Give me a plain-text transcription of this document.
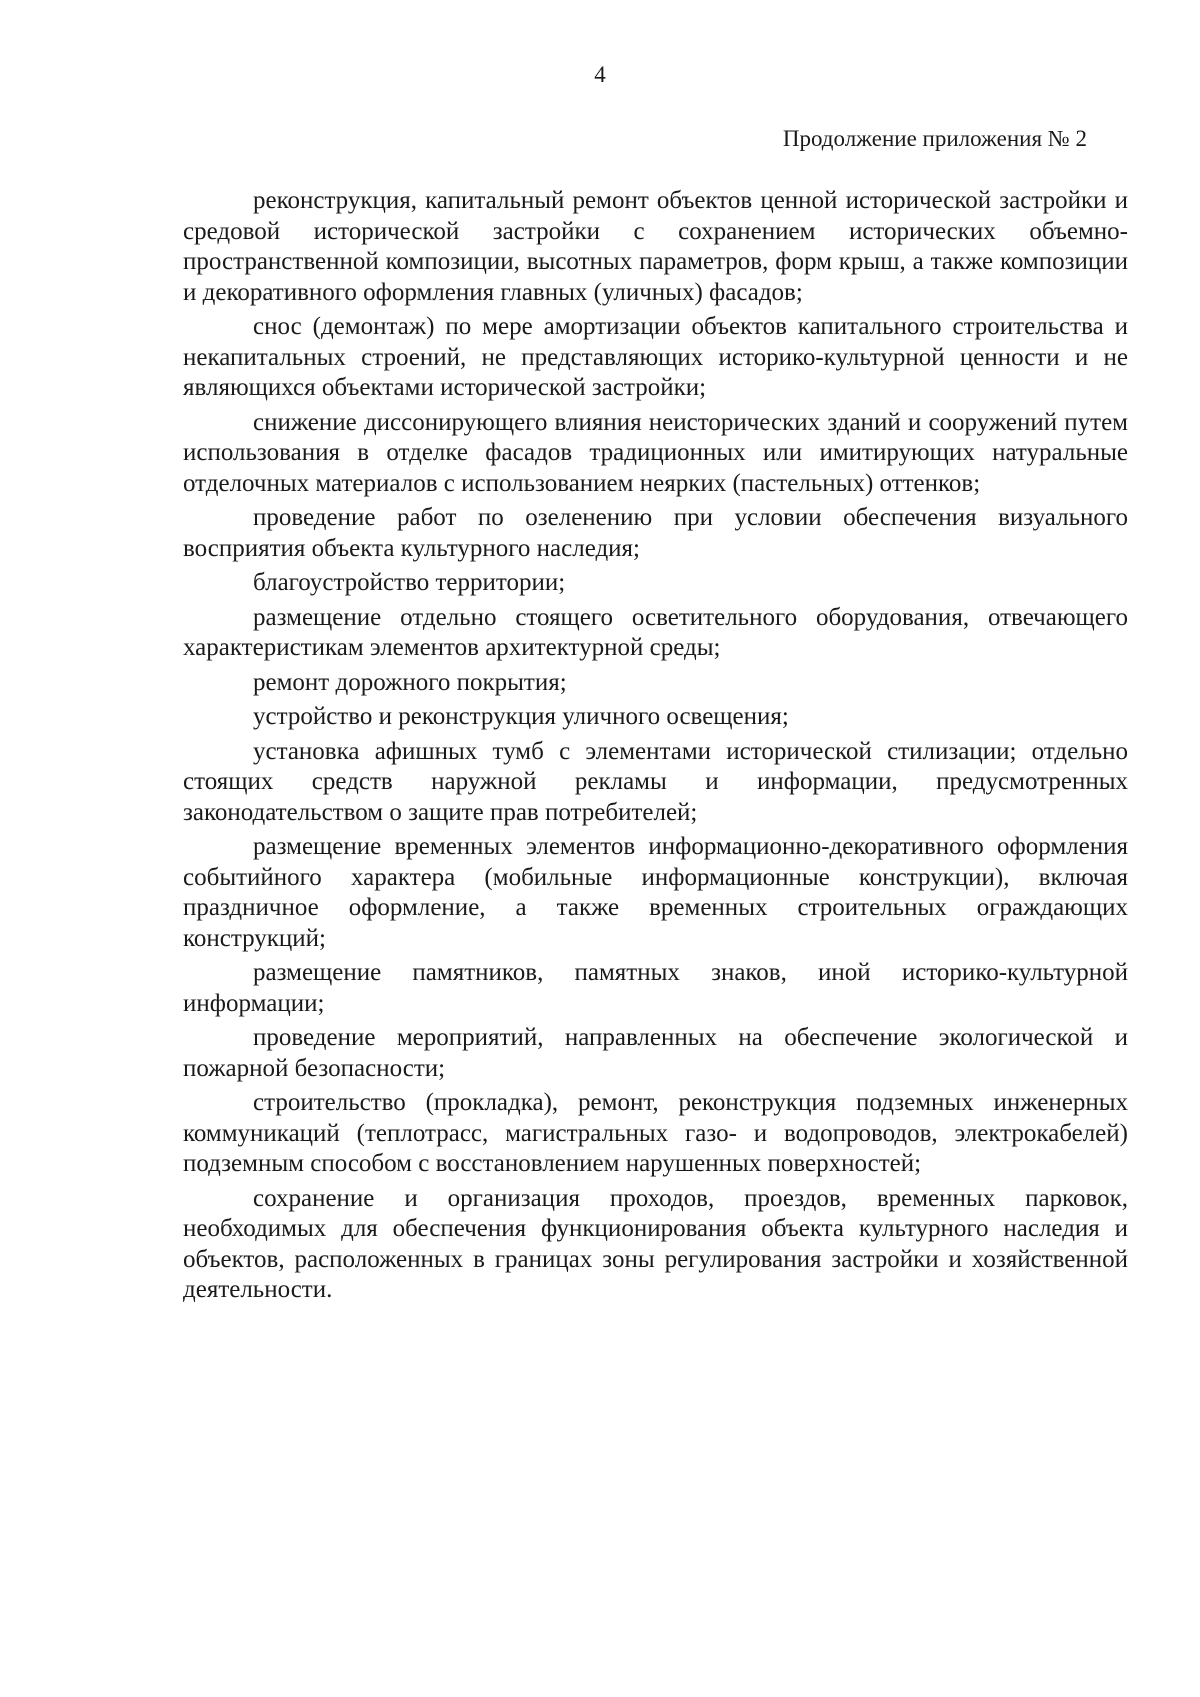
4
Продолжение приложения № 2

реконструкция, капитальный ремонт объектов ценной исторической застройки и средовой исторической застройки с сохранением исторических объемно-пространственной композиции, высотных параметров, форм крыш, а также композиции и декоративного оформления главных (уличных) фасадов;

снос (демонтаж) по мере амортизации объектов капитального строительства и некапитальных строений, не представляющих историко-культурной ценности и не являющихся объектами исторической застройки;

снижение диссонирующего влияния неисторических зданий и сооружений путем использования в отделке фасадов традиционных или имитирующих натуральные отделочных материалов с использованием неярких (пастельных) оттенков;

проведение работ по озеленению при условии обеспечения визуального восприятия объекта культурного наследия;

благоустройство территории;

размещение отдельно стоящего осветительного оборудования, отвечающего характеристикам элементов архитектурной среды;

ремонт дорожного покрытия;

устройство и реконструкция уличного освещения;

установка афишных тумб с элементами исторической стилизации; отдельно стоящих средств наружной рекламы и информации, предусмотренных законодательством о защите прав потребителей;

размещение временных элементов информационно-декоративного оформления событийного характера (мобильные информационные конструкции), включая праздничное оформление, а также временных строительных ограждающих конструкций;

размещение памятников, памятных знаков, иной историко-культурной информации;

проведение мероприятий, направленных на обеспечение экологической и пожарной безопасности;

строительство (прокладка), ремонт, реконструкция подземных инженерных коммуникаций (теплотрасс, магистральных газо- и водопроводов, электрокабелей) подземным способом с восстановлением нарушенных поверхностей;

сохранение и организация проходов, проездов, временных парковок, необходимых для обеспечения функционирования объекта культурного наследия и объектов, расположенных в границах зоны регулирования застройки и хозяйственной деятельности.
